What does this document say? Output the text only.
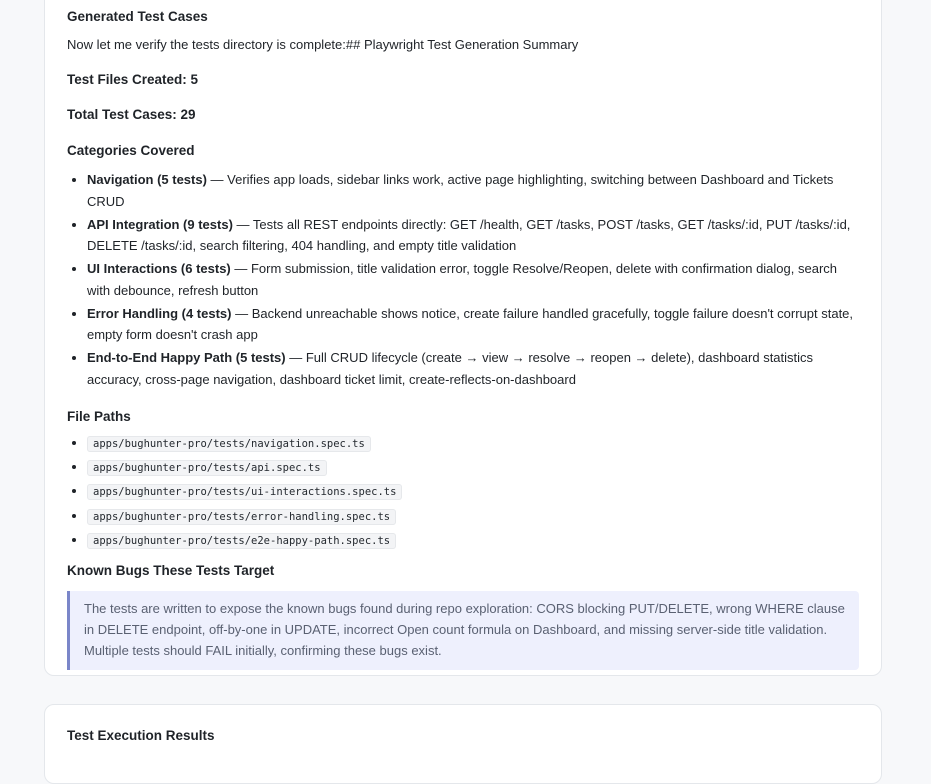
Generated Test Cases

Now let me verify the tests directory is complete:## Playwright Test Generation Summary

Test Files Created: 5

Total Test Cases: 29

Categories Covered
• Navigation (5 tests) — Verifies app loads, sidebar links work, active page highlighting, switching between Dashboard and Tickets CRUD
• API Integration (9 tests) — Tests all REST endpoints directly: GET /health, GET /tasks, POST /tasks, GET /tasks/:id, PUT /tasks/:id, DELETE /tasks/:id, search filtering, 404 handling, and empty title validation
• UI Interactions (6 tests) — Form submission, title validation error, toggle Resolve/Reopen, delete with confirmation dialog, search with debounce, refresh button
• Error Handling (4 tests) — Backend unreachable shows notice, create failure handled gracefully, toggle failure doesn't corrupt state, empty form doesn't crash app
• End-to-End Happy Path (5 tests) — Full CRUD lifecycle (create → view → resolve → reopen → delete), dashboard statistics accuracy, cross-page navigation, dashboard ticket limit, create-reflects-on-dashboard
File Paths
• apps/bughunter-pro/tests/navigation.spec.ts
• apps/bughunter-pro/tests/api.spec.ts
• apps/bughunter-pro/tests/ui-interactions.spec.ts
• apps/bughunter-pro/tests/error-handling.spec.ts
• apps/bughunter-pro/tests/e2e-happy-path.spec.ts
Known Bugs These Tests Target
The tests are written to expose the known bugs found during repo exploration: CORS blocking PUT/DELETE, wrong WHERE clause in DELETE endpoint, off-by-one in UPDATE, incorrect Open count formula on Dashboard, and missing server-side title validation. Multiple tests should FAIL initially, confirming these bugs exist.
Test Execution Results
